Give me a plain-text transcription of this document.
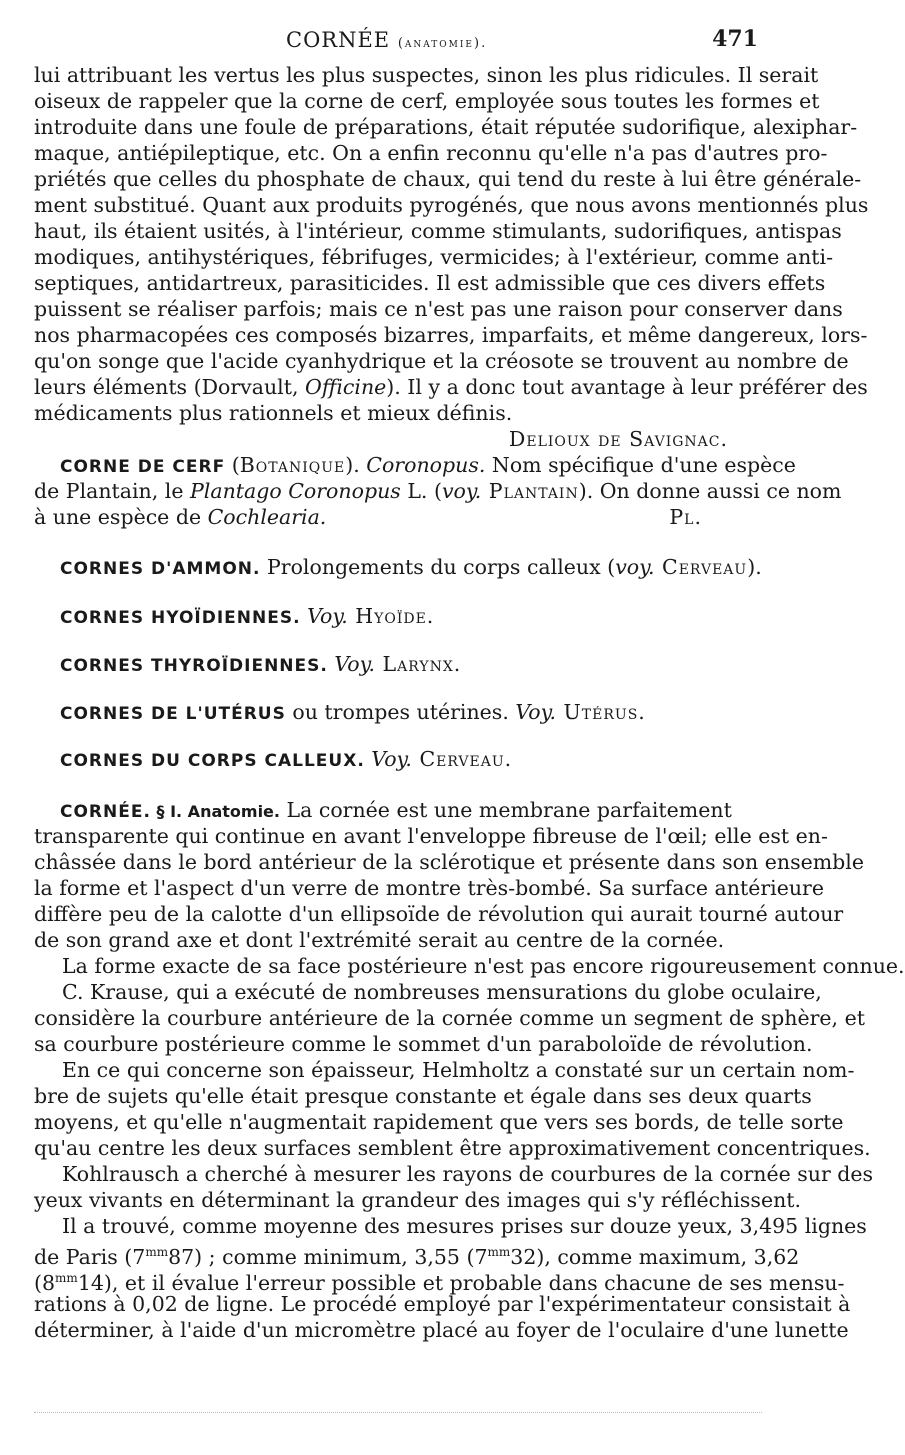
CORNÉE (anatomie).	471
lui attribuant les vertus les plus suspectes, sinon les plus ridicules. Il serait
oiseux de rappeler que la corne de cerf, employée sous toutes les formes et
introduite dans une foule de préparations, était réputée sudorifique, alexiphar-
maque, antiépileptique, etc. On a enfin reconnu qu'elle n'a pas d'autres pro-
priétés que celles du phosphate de chaux, qui tend du reste à lui être générale-
ment substitué. Quant aux produits pyrogénés, que nous avons mentionnés plus
haut, ils étaient usités, à l'intérieur, comme stimulants, sudorifiques, antispas
modiques, antihystériques, fébrifuges, vermicides; à l'extérieur, comme anti-
septiques, antidartreux, parasiticides. Il est admissible que ces divers effets
puissent se réaliser parfois; mais ce n'est pas une raison pour conserver dans
nos pharmacopées ces composés bizarres, imparfaits, et même dangereux, lors-
qu'on songe que l'acide cyanhydrique et la créosote se trouvent au nombre de
leurs éléments (Dorvault, Officine). Il y a donc tout avantage à leur préférer des
médicaments plus rationnels et mieux définis.
Delioux de Savignac.
CORNE DE CERF (Botanique). Coronopus. Nom spécifique d'une espèce
de Plantain, le Plantago Coronopus L. (voy. Plantain). On donne aussi ce nom
à une espèce de Cochlearia.	Pl.
CORNES D'AMMON. Prolongements du corps calleux (voy. Cerveau).
CORNES HYOÏDIENNES. Voy. Hyoïde.
CORNES THYROÏDIENNES. Voy. Larynx.
CORNES DE L'UTÉRUS ou trompes utérines. Voy. Utérus.
CORNES DU CORPS CALLEUX. Voy. Cerveau.
CORNÉE. § I. Anatomie. La cornée est une membrane parfaitement
transparente qui continue en avant l'enveloppe fibreuse de l'œil; elle est en-
châssée dans le bord antérieur de la sclérotique et présente dans son ensemble
la forme et l'aspect d'un verre de montre très-bombé. Sa surface antérieure
diffère peu de la calotte d'un ellipsoïde de révolution qui aurait tourné autour
de son grand axe et dont l'extrémité serait au centre de la cornée.
La forme exacte de sa face postérieure n'est pas encore rigoureusement connue.
C. Krause, qui a exécuté de nombreuses mensurations du globe oculaire,
considère la courbure antérieure de la cornée comme un segment de sphère, et
sa courbure postérieure comme le sommet d'un paraboloïde de révolution.
En ce qui concerne son épaisseur, Helmholtz a constaté sur un certain nom-
bre de sujets qu'elle était presque constante et égale dans ses deux quarts
moyens, et qu'elle n'augmentait rapidement que vers ses bords, de telle sorte
qu'au centre les deux surfaces semblent être approximativement concentriques.
Kohlrausch a cherché à mesurer les rayons de courbures de la cornée sur des
yeux vivants en déterminant la grandeur des images qui s'y réfléchissent.
Il a trouvé, comme moyenne des mesures prises sur douze yeux, 3,495 lignes
de Paris $(7^{mm}87)$ ; comme minimum, 3,55 $(7^{mm}32)$, comme maximum, 3,62
$(8^{mm}14)$, et il évalue l'erreur possible et probable dans chacune de ses mensu-
rations à 0,02 de ligne. Le procédé employé par l'expérimentateur consistait à
déterminer, à l'aide d'un micromètre placé au foyer de l'oculaire d'une lunette
